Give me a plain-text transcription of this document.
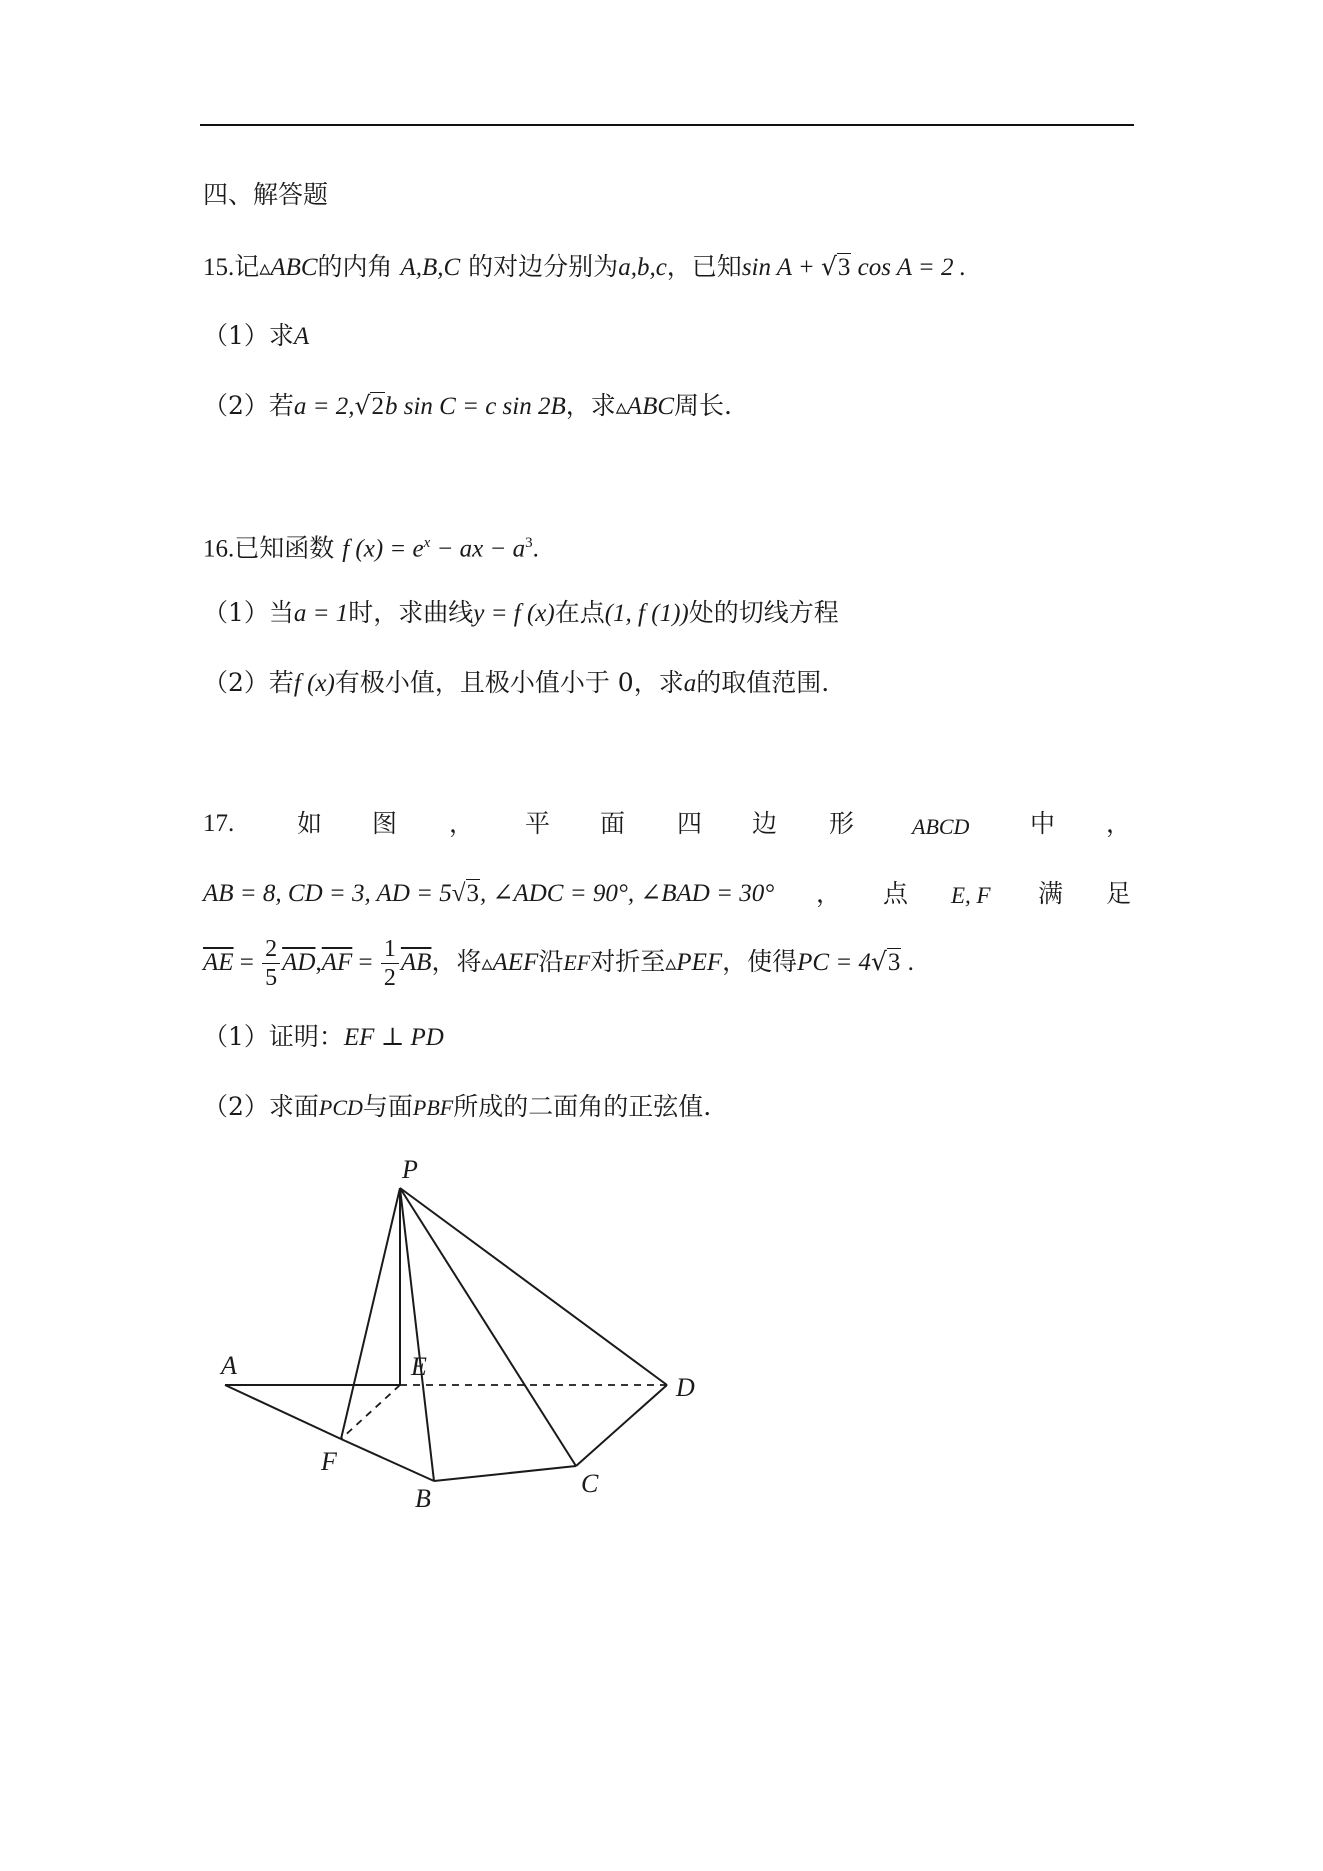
四、解答题
15.记▵ABC的内角 A,B,C 的对边分别为a,b,c，已知sin A + √3 cos A = 2 .
（1）求A
（2）若a = 2,√2b sin C = c sin 2B，求▵ABC周长.
16.已知函数 f $(x) = e^x$ − ax − $a^3$.
（1）当a = 1时，求曲线y = f (x)在点(1, f (1))处的切线方程
（2）若f (x)有极小值，且极小值小于 0，求a的取值范围.
17.	如 图 ， 平 面 四 边 形	ABCD 中 ，
AB = 8, CD = 3, AD = 5√3, ∠ADC = 90°, ∠BAD = 30° ， 点 E, F 满 足
$\overline{AE} = \frac{2}{5} \overline{AD},\overline{AF} = \frac{1}{2} \overline{AB}$，将▵AEF沿EF对折至▵PEF，使得PC = 4√3 .
（1）证明：EF ⊥ PD
（2）求面PCD与面PBF所成的二面角的正弦值.
P
A	E
D
F
B
C
